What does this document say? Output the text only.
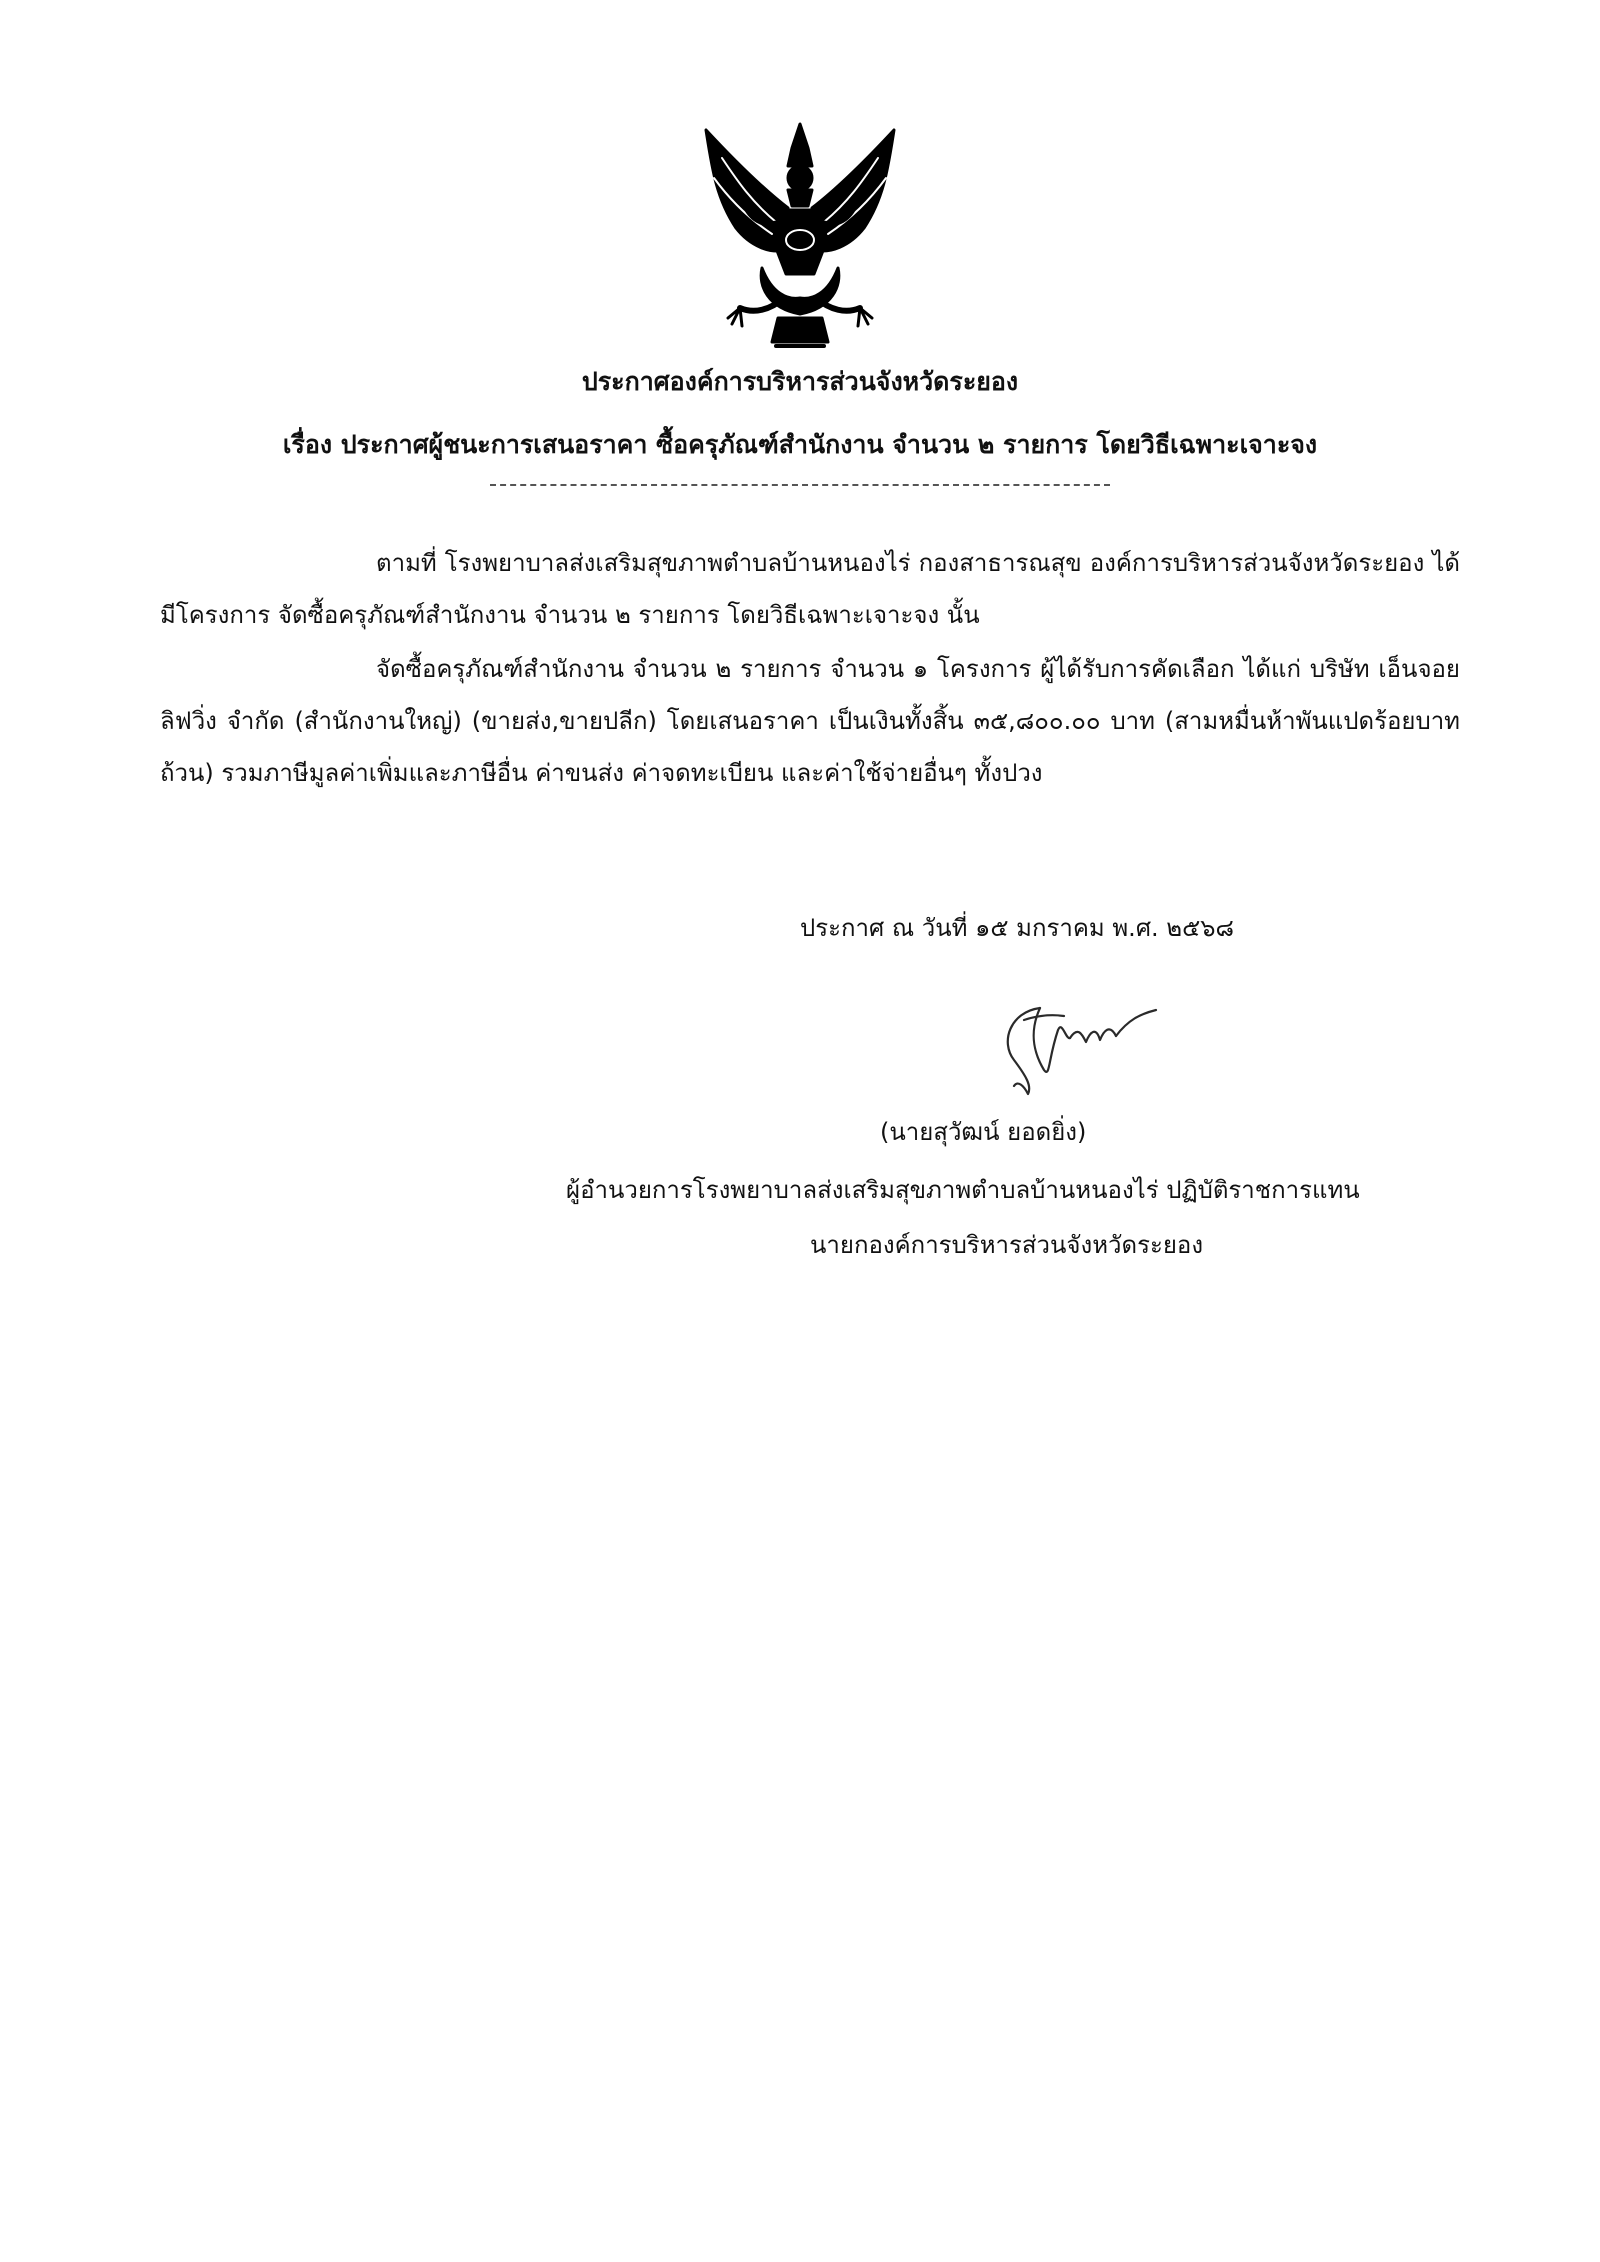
ประกาศองค์การบริหารส่วนจังหวัดระยอง
เรื่อง ประกาศผู้ชนะการเสนอราคา ซื้อครุภัณฑ์สำนักงาน จำนวน ๒ รายการ โดยวิธีเฉพาะเจาะจง
ตามที่ โรงพยาบาลส่งเสริมสุขภาพตำบลบ้านหนองไร่ กองสาธารณสุข องค์การบริหารส่วนจังหวัดระยอง ได้มีโครงการ จัดซื้อครุภัณฑ์สำนักงาน จำนวน ๒ รายการ โดยวิธีเฉพาะเจาะจง นั้น
จัดซื้อครุภัณฑ์สำนักงาน จำนวน ๒ รายการ จำนวน ๑ โครงการ ผู้ได้รับการคัดเลือก ได้แก่ บริษัท เอ็นจอย ลิฟวิ่ง จำกัด (สำนักงานใหญ่) (ขายส่ง,ขายปลีก) โดยเสนอราคา เป็นเงินทั้งสิ้น ๓๕,๘๐๐.๐๐ บาท (สามหมื่นห้าพันแปดร้อยบาทถ้วน) รวมภาษีมูลค่าเพิ่มและภาษีอื่น ค่าขนส่ง ค่าจดทะเบียน และค่าใช้จ่ายอื่นๆ ทั้งปวง
ประกาศ ณ วันที่ ๑๕ มกราคม พ.ศ. ๒๕๖๘
(นายสุวัฒน์ ยอดยิ่ง)
ผู้อำนวยการโรงพยาบาลส่งเสริมสุขภาพตำบลบ้านหนองไร่ ปฏิบัติราชการแทน
นายกองค์การบริหารส่วนจังหวัดระยอง
